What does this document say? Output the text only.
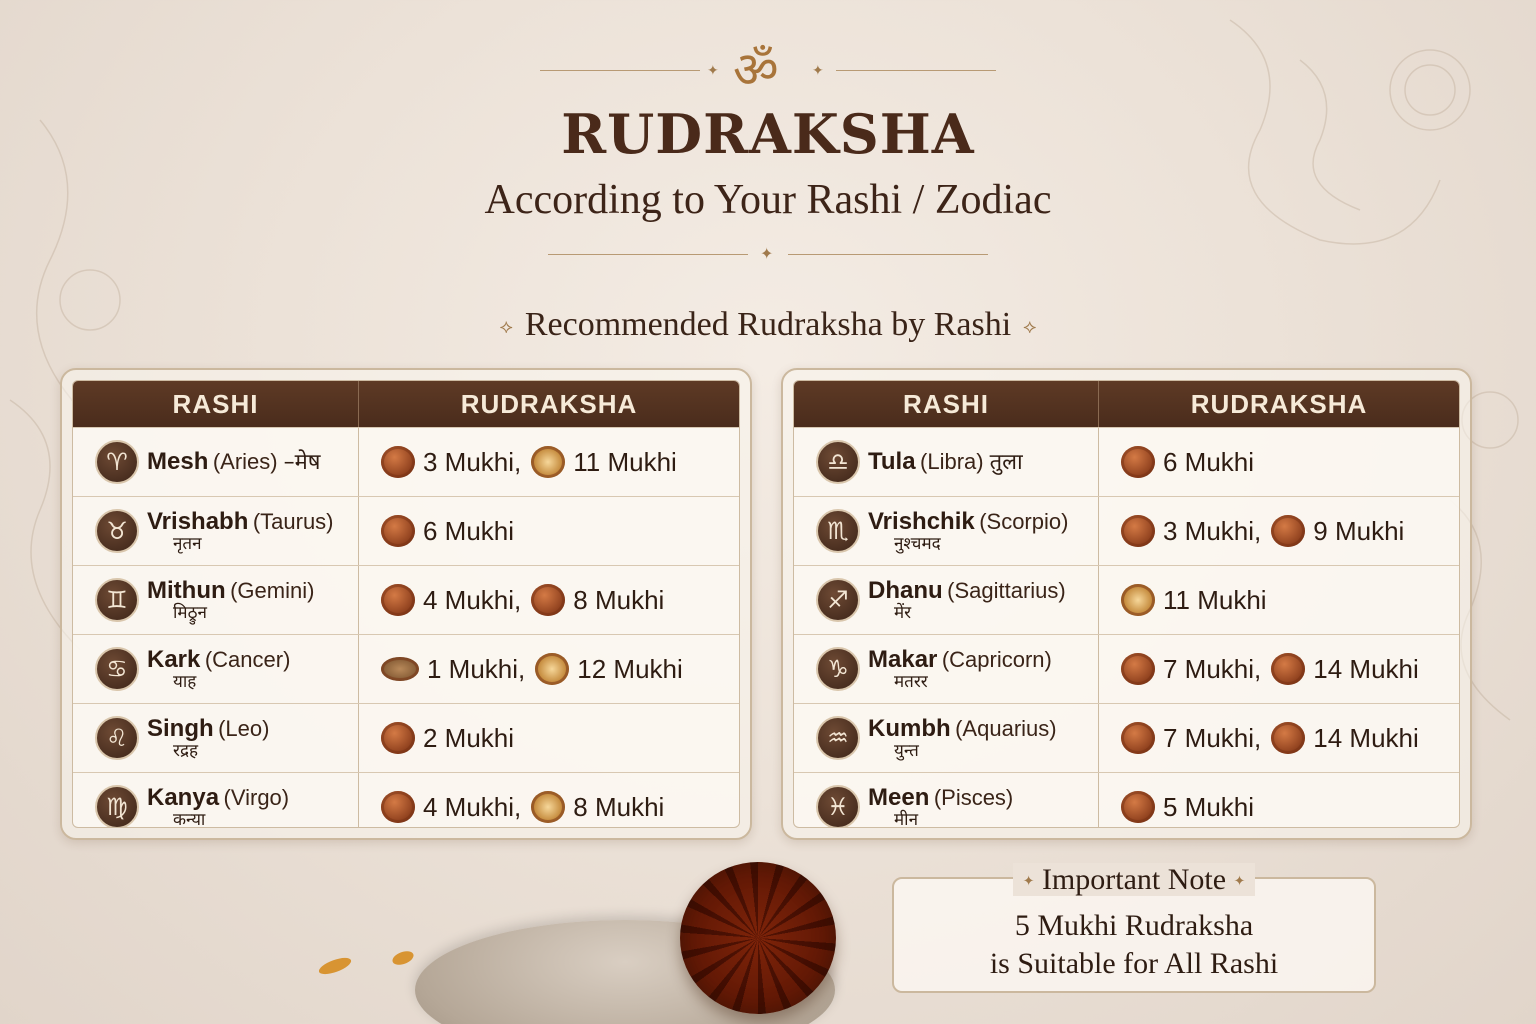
✦ ॐ ✦
RUDRAKSHA
According to Your Rashi / Zodiac
✦
⟡ Recommended Rudraksha by Rashi ⟡
RASHI	RUDRAKSHA
♈ Mesh (Aries) –मेष	3 Mukhi, 11 Mukhi
♉ Vrishabh (Taurus)
नृतन	6 Mukhi
♊ Mithun (Gemini)
मिठ्रुन	4 Mukhi, 8 Mukhi
♋ Kark (Cancer)
याह	1 Mukhi, 12 Mukhi
♌ Singh (Leo)
रद्रह	2 Mukhi
♍ Kanya (Virgo)
कन्या	4 Mukhi, 8 Mukhi
RASHI	RUDRAKSHA
♎ Tula (Libra) तुला	6 Mukhi
♏ Vrishchik (Scorpio)
नुश्चमद	3 Mukhi, 9 Mukhi
♐ Dhanu (Sagittarius)
मेंर	11 Mukhi
♑ Makar (Capricorn)
मतरर	7 Mukhi, 14 Mukhi
♒ Kumbh (Aquarius)
युन्त	7 Mukhi, 14 Mukhi
♓ Meen (Pisces)
मीन	5 Mukhi
✦ Important Note ✦
5 Mukhi Rudraksha
is Suitable for All Rashi
